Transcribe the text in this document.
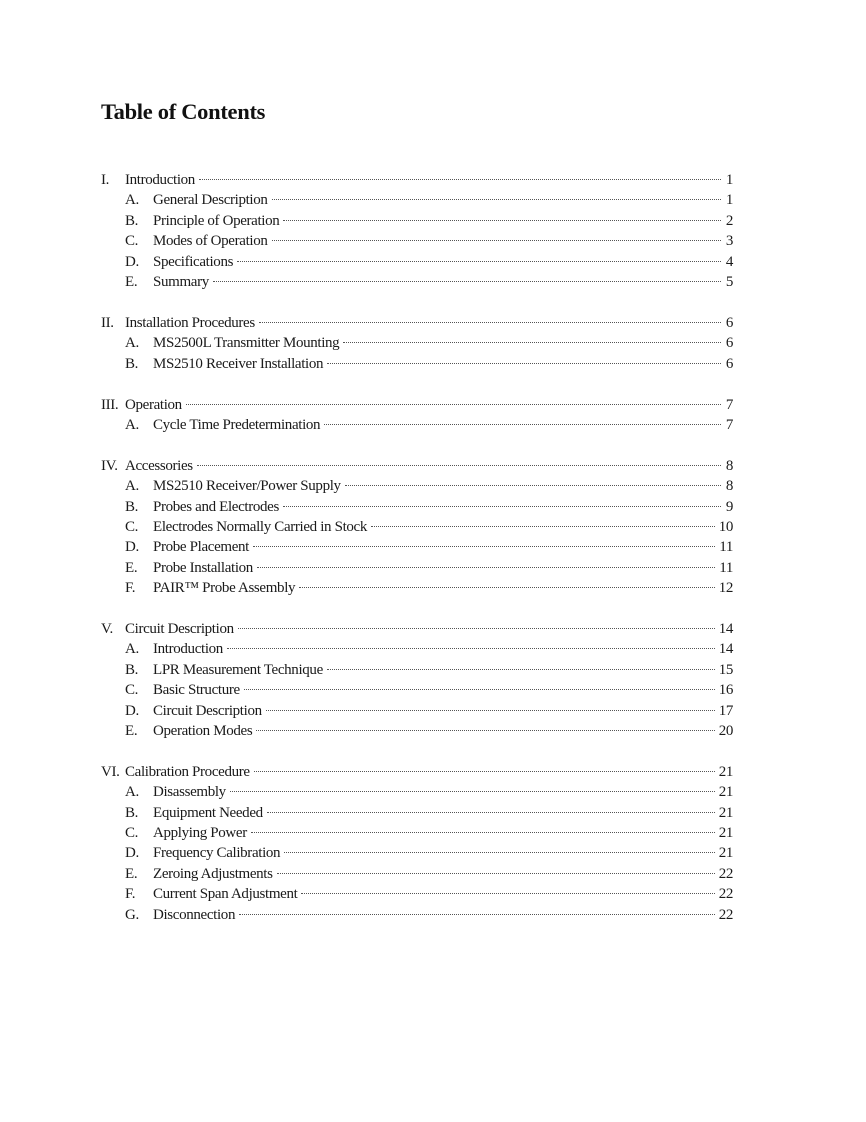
Table of Contents
I.	Introduction	1
A. General Description	1
B. Principle of Operation	2
C. Modes of Operation	3
D. Specifications	4
E.	Summary	5
II. Installation Procedures	6
A. MS2500L Transmitter Mounting	6
B. MS2510 Receiver Installation	6
III. Operation	7
A. Cycle Time Predetermination	7
IV. Accessories	8
A. MS2510 Receiver/Power Supply	8
B. Probes and Electrodes	9
C. Electrodes Normally Carried in Stock	10
D. Probe Placement	11
E.	Probe Installation	11
F.	PAIR™ Probe Assembly	12
V. Circuit Description	14
A. Introduction	14
B. LPR Measurement Technique	15
C. Basic Structure	16
D. Circuit Description	17
E.	Operation Modes	20
VI. Calibration Procedure	21
A. Disassembly	21
B. Equipment Needed	21
C. Applying Power	21
D. Frequency Calibration	21
E.	Zeroing Adjustments	22
F.	Current Span Adjustment	22
G. Disconnection	22
